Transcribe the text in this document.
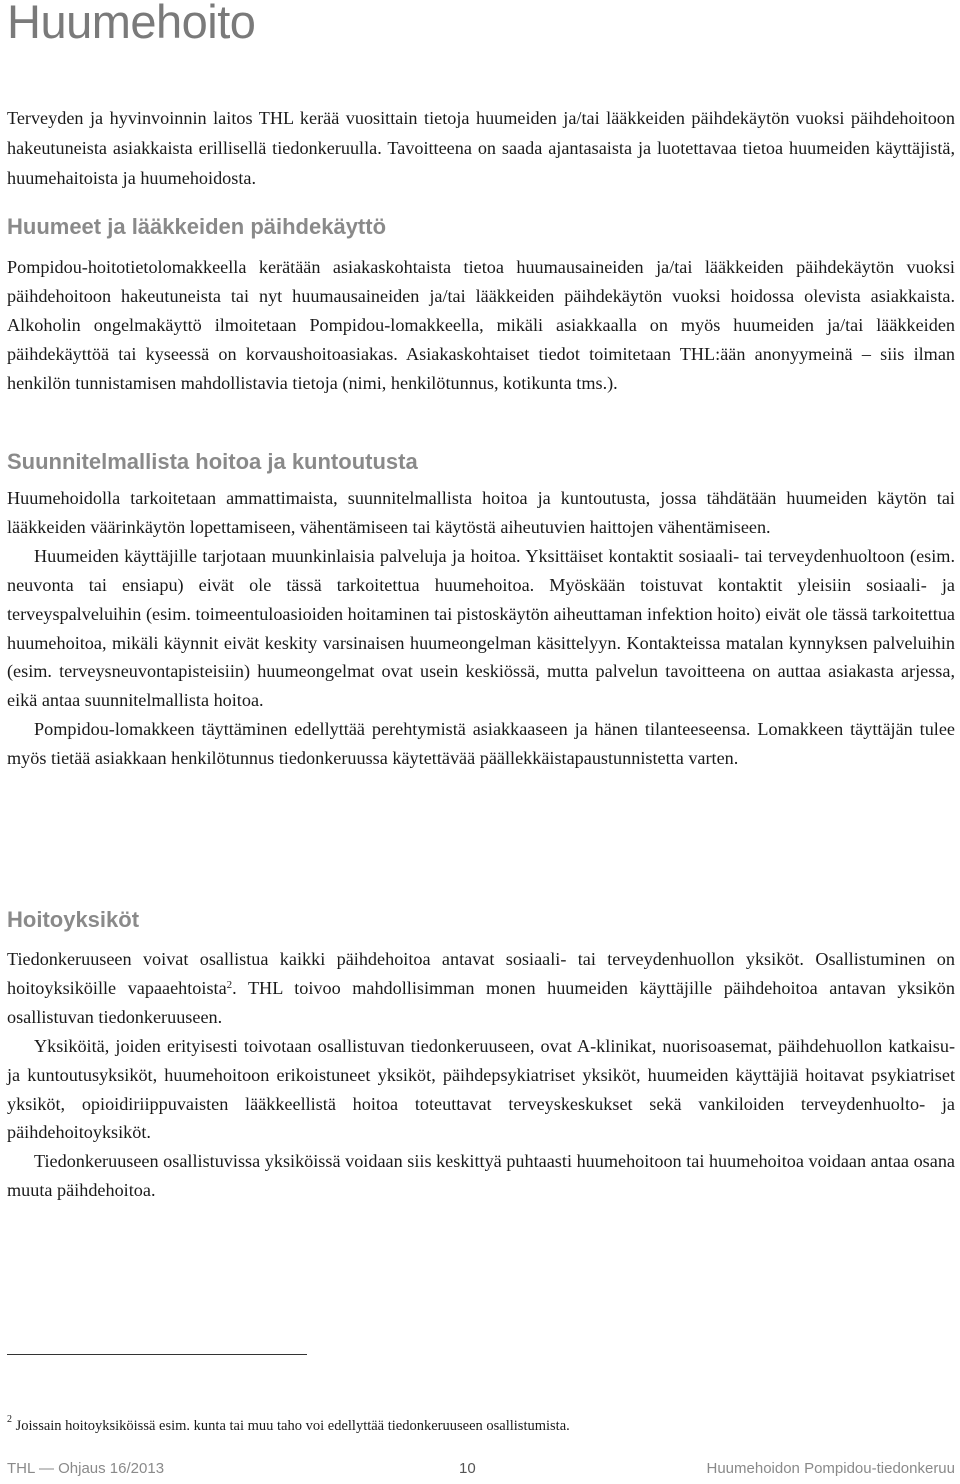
Huumehoito

Terveyden ja hyvinvoinnin laitos THL kerää vuosittain tietoja huumeiden ja/tai lääkkeiden päihdekäytön vuoksi päihdehoitoon hakeutuneista asiakkaista erillisellä tiedonkeruulla. Tavoitteena on saada ajantasaista ja luotettavaa tietoa huumeiden käyttäjistä, huumehaitoista ja huumehoidosta.

Huumeet ja lääkkeiden päihdekäyttö

Pompidou-hoitotietolomakkeella kerätään asiakaskohtaista tietoa huumausaineiden ja/tai lääkkeiden päihdekäytön vuoksi päihdehoitoon hakeutuneista tai nyt huumausaineiden ja/tai lääkkeiden päihdekäytön vuoksi hoidossa olevista asiakkaista. Alkoholin ongelmakäyttö ilmoitetaan Pompidou-lomakkeella, mikäli asiakkaalla on myös huumeiden ja/tai lääkkeiden päihdekäyttöä tai kyseessä on korvaushoitoasiakas. Asiakaskohtaiset tiedot toimitetaan THL:ään anonyymeinä – siis ilman henkilön tunnistamisen mahdollistavia tietoja (nimi, henkilötunnus, kotikunta tms.).

Suunnitelmallista hoitoa ja kuntoutusta

Huumehoidolla tarkoitetaan ammattimaista, suunnitelmallista hoitoa ja kuntoutusta, jossa tähdätään huumeiden käytön tai lääkkeiden väärinkäytön lopettamiseen, vähentämiseen tai käytöstä aiheutuvien haittojen vähentämiseen.

Huumeiden käyttäjille tarjotaan muunkinlaisia palveluja ja hoitoa. Yksittäiset kontaktit sosiaali- tai terveydenhuoltoon (esim. neuvonta tai ensiapu) eivät ole tässä tarkoitettua huumehoitoa. Myöskään toistuvat kontaktit yleisiin sosiaali- ja terveyspalveluihin (esim. toimeentuloasioiden hoitaminen tai pistoskäytön aiheuttaman infektion hoito) eivät ole tässä tarkoitettua huumehoitoa, mikäli käynnit eivät keskity varsinaisen huumeongelman käsittelyyn. Kontakteissa matalan kynnyksen palveluihin (esim. terveysneuvontapisteisiin) huumeongelmat ovat usein keskiössä, mutta palvelun tavoitteena on auttaa asiakasta arjessa, eikä antaa suunnitelmallista hoitoa.

Pompidou-lomakkeen täyttäminen edellyttää perehtymistä asiakkaaseen ja hänen tilanteeseensa. Lomakkeen täyttäjän tulee myös tietää asiakkaan henkilötunnus tiedonkeruussa käytettävää päällekkäistapaustunnistetta varten.

Hoitoyksiköt

Tiedonkeruuseen voivat osallistua kaikki päihdehoitoa antavat sosiaali- tai terveydenhuollon yksiköt. Osallistuminen on hoitoyksiköille vapaaehtoista$^2$. THL toivoo mahdollisimman monen huumeiden käyttäjille päihdehoitoa antavan yksikön osallistuvan tiedonkeruuseen.

Yksiköitä, joiden erityisesti toivotaan osallistuvan tiedonkeruuseen, ovat A-klinikat, nuorisoasemat, päihdehuollon katkaisu- ja kuntoutusyksiköt, huumehoitoon erikoistuneet yksiköt, päihdepsykiatriset yksiköt, huumeiden käyttäjiä hoitavat psykiatriset yksiköt, opioidiriippuvaisten lääkkeellistä hoitoa toteuttavat terveyskeskukset sekä vankiloiden terveydenhuolto- ja päihdehoitoyksiköt.

Tiedonkeruuseen osallistuvissa yksiköissä voidaan siis keskittyä puhtaasti huumehoitoon tai huumehoitoa voidaan antaa osana muuta päihdehoitoa.

$^2$ Joissain hoitoyksiköissä esim. kunta tai muu taho voi edellyttää tiedonkeruuseen osallistumista.

THL — Ohjaus 16/2013	10	Huumehoidon Pompidou-tiedonkeruu
